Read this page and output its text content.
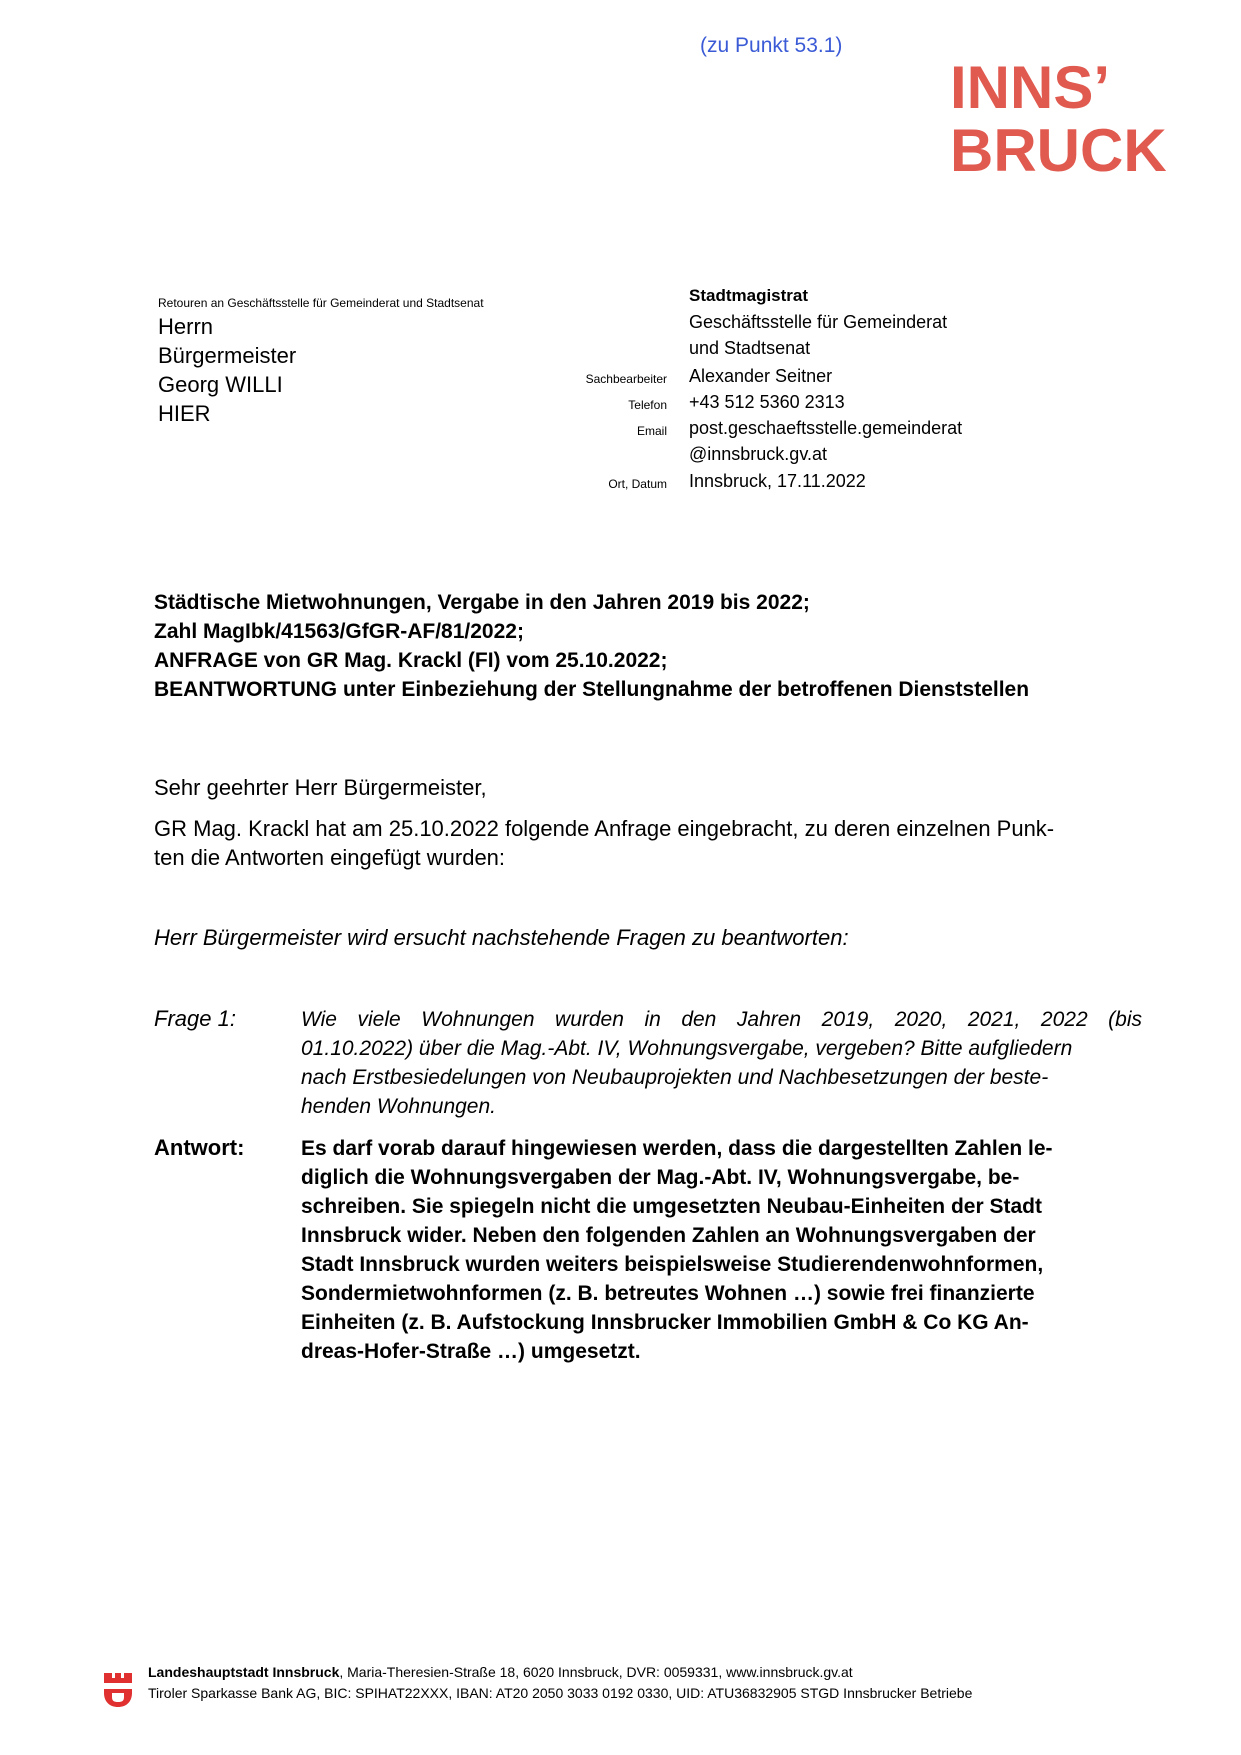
(zu Punkt 53.1)
INNS’
BRUCK
Retouren an Geschäftsstelle für Gemeinderat und Stadtsenat
Herrn
Bürgermeister
Georg WILLI
HIER
Stadtmagistrat
Geschäftsstelle für Gemeinderat
und Stadtsenat
Sachbearbeiter Alexander Seitner
Telefon +43 512 5360 2313
Email post.geschaeftsstelle.gemeinderat
@innsbruck.gv.at
Ort, Datum Innsbruck, 17.11.2022
Städtische Mietwohnungen, Vergabe in den Jahren 2019 bis 2022;
Zahl MagIbk/41563/GfGR-AF/81/2022;
ANFRAGE von GR Mag. Krackl (FI) vom 25.10.2022;
BEANTWORTUNG unter Einbeziehung der Stellungnahme der betroffenen Dienststellen
Sehr geehrter Herr Bürgermeister,
GR Mag. Krackl hat am 25.10.2022 folgende Anfrage eingebracht, zu deren einzelnen Punk-
ten die Antworten eingefügt wurden:
Herr Bürgermeister wird ersucht nachstehende Fragen zu beantworten:
Frage 1:	Wie viele Wohnungen wurden in den Jahren 2019, 2020, 2021, 2022 (bis
01.10.2022) über die Mag.-Abt. IV, Wohnungsvergabe, vergeben? Bitte aufgliedern
nach Erstbesiedelungen von Neubauprojekten und Nachbesetzungen der beste-
henden Wohnungen.
Antwort:	Es darf vorab darauf hingewiesen werden, dass die dargestellten Zahlen le-
diglich die Wohnungsvergaben der Mag.-Abt. IV, Wohnungsvergabe, be-
schreiben. Sie spiegeln nicht die umgesetzten Neubau-Einheiten der Stadt
Innsbruck wider. Neben den folgenden Zahlen an Wohnungsvergaben der
Stadt Innsbruck wurden weiters beispielsweise Studierendenwohnformen,
Sondermietwohnformen (z. B. betreutes Wohnen …) sowie frei finanzierte
Einheiten (z. B. Aufstockung Innsbrucker Immobilien GmbH & Co KG An-
dreas-Hofer-Straße …) umgesetzt.
Landeshauptstadt Innsbruck, Maria-Theresien-Straße 18, 6020 Innsbruck, DVR: 0059331, www.innsbruck.gv.at
Tiroler Sparkasse Bank AG, BIC: SPIHAT22XXX, IBAN: AT20 2050 3033 0192 0330, UID: ATU36832905 STGD Innsbrucker Betriebe
